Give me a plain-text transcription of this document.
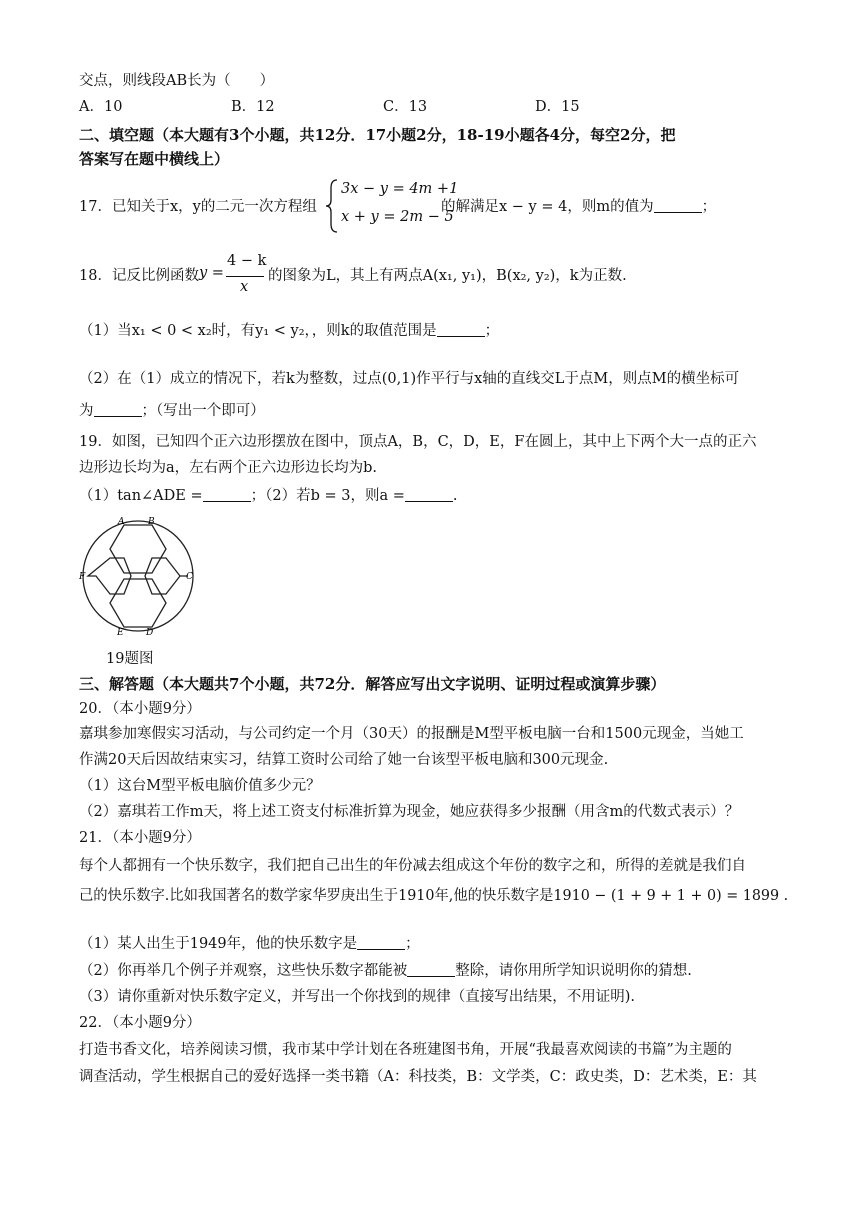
交点，则线段AB长为（　　）
A．10	B．12	C．13	D．15
二、填空题（本大题有3个小题，共12分．17小题2分，18-19小题各4分，每空2分，把
答案写在题中横线上）
17．已知关于x，y的二元一次方程组
3x − y = 4m +1
x + y = 2m − 5
的解满足x − y = 4，则m的值为	；
18．记反比例函数 y =
4 − k
x
的图象为L，其上有两点A(x₁, y₁)，B(x₂, y₂)，k为正数.
（1）当x₁ < 0 < x₂时，有y₁ < y₂，，则k的取值范围是	；
（2）在（1）成立的情况下，若k为整数，过点(0,1)作平行与x轴的直线交L于点M，则点M的横坐标可
为	；（写出一个即可）
19．如图，已知四个正六边形摆放在图中，顶点A，B，C，D，E，F在圆上，其中上下两个大一点的正六
边形边长均为a，左右两个正六边形边长均为b.
（1）tan∠ADE =	；（2）若b = 3，则a =	.
A	B
C
D
E
F
19题图
三、解答题（本大题共7个小题，共72分．解答应写出文字说明、证明过程或演算步骤）
20．（本小题9分）
嘉琪参加寒假实习活动，与公司约定一个月（30天）的报酬是M型平板电脑一台和1500元现金，当她工
作满20天后因故结束实习，结算工资时公司给了她一台该型平板电脑和300元现金.
（1）这台M型平板电脑价值多少元？
（2）嘉琪若工作m天，将上述工资支付标准折算为现金，她应获得多少报酬（用含m的代数式表示）？
21．（本小题9分）
每个人都拥有一个快乐数字，我们把自己出生的年份减去组成这个年份的数字之和，所得的差就是我们自
己的快乐数字.比如我国著名的数学家华罗庚出生于1910年,他的快乐数字是1910 − (1 + 9 + 1 + 0) = 1899 .
（1）某人出生于1949年，他的快乐数字是	；
（2）你再举几个例子并观察，这些快乐数字都能被	整除，请你用所学知识说明你的猜想.
（3）请你重新对快乐数字定义，并写出一个你找到的规律（直接写出结果，不用证明).
22．（本小题9分）
打造书香文化，培养阅读习惯，我市某中学计划在各班建图书角，开展“我最喜欢阅读的书篇”为主题的
调查活动，学生根据自己的爱好选择一类书籍（A：科技类，B：文学类，C：政史类，D：艺术类，E：其
